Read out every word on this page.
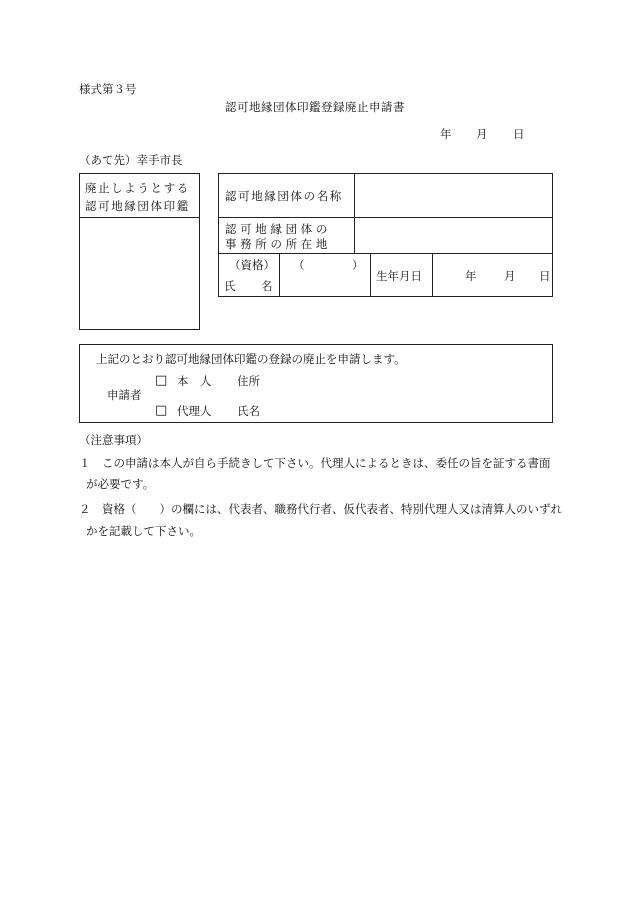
様式第３号
認可地縁団体印鑑登録廃止申請書
年 月 日
（あて先）幸手市長
廃止しようとする
認可地縁団体印鑑
認可地縁団体の名称
認 可 地 縁 団 体 の
事 務 所 の 所 在 地
（資格）
氏 名
（	）
生年月日	年 月 日
上記のとおり認可地縁団体印鑑の登録の廃止を申請します。
申請者
□ 本　人 住所
□ 代理人 氏名
（注意事項）
１　この申請は本人が自ら手続きして下さい。代理人によるときは、委任の旨を証する書面
が必要です。
２　資格（　　）の欄には、代表者、職務代行者、仮代表者、特別代理人又は清算人のいずれ
かを記載して下さい。
